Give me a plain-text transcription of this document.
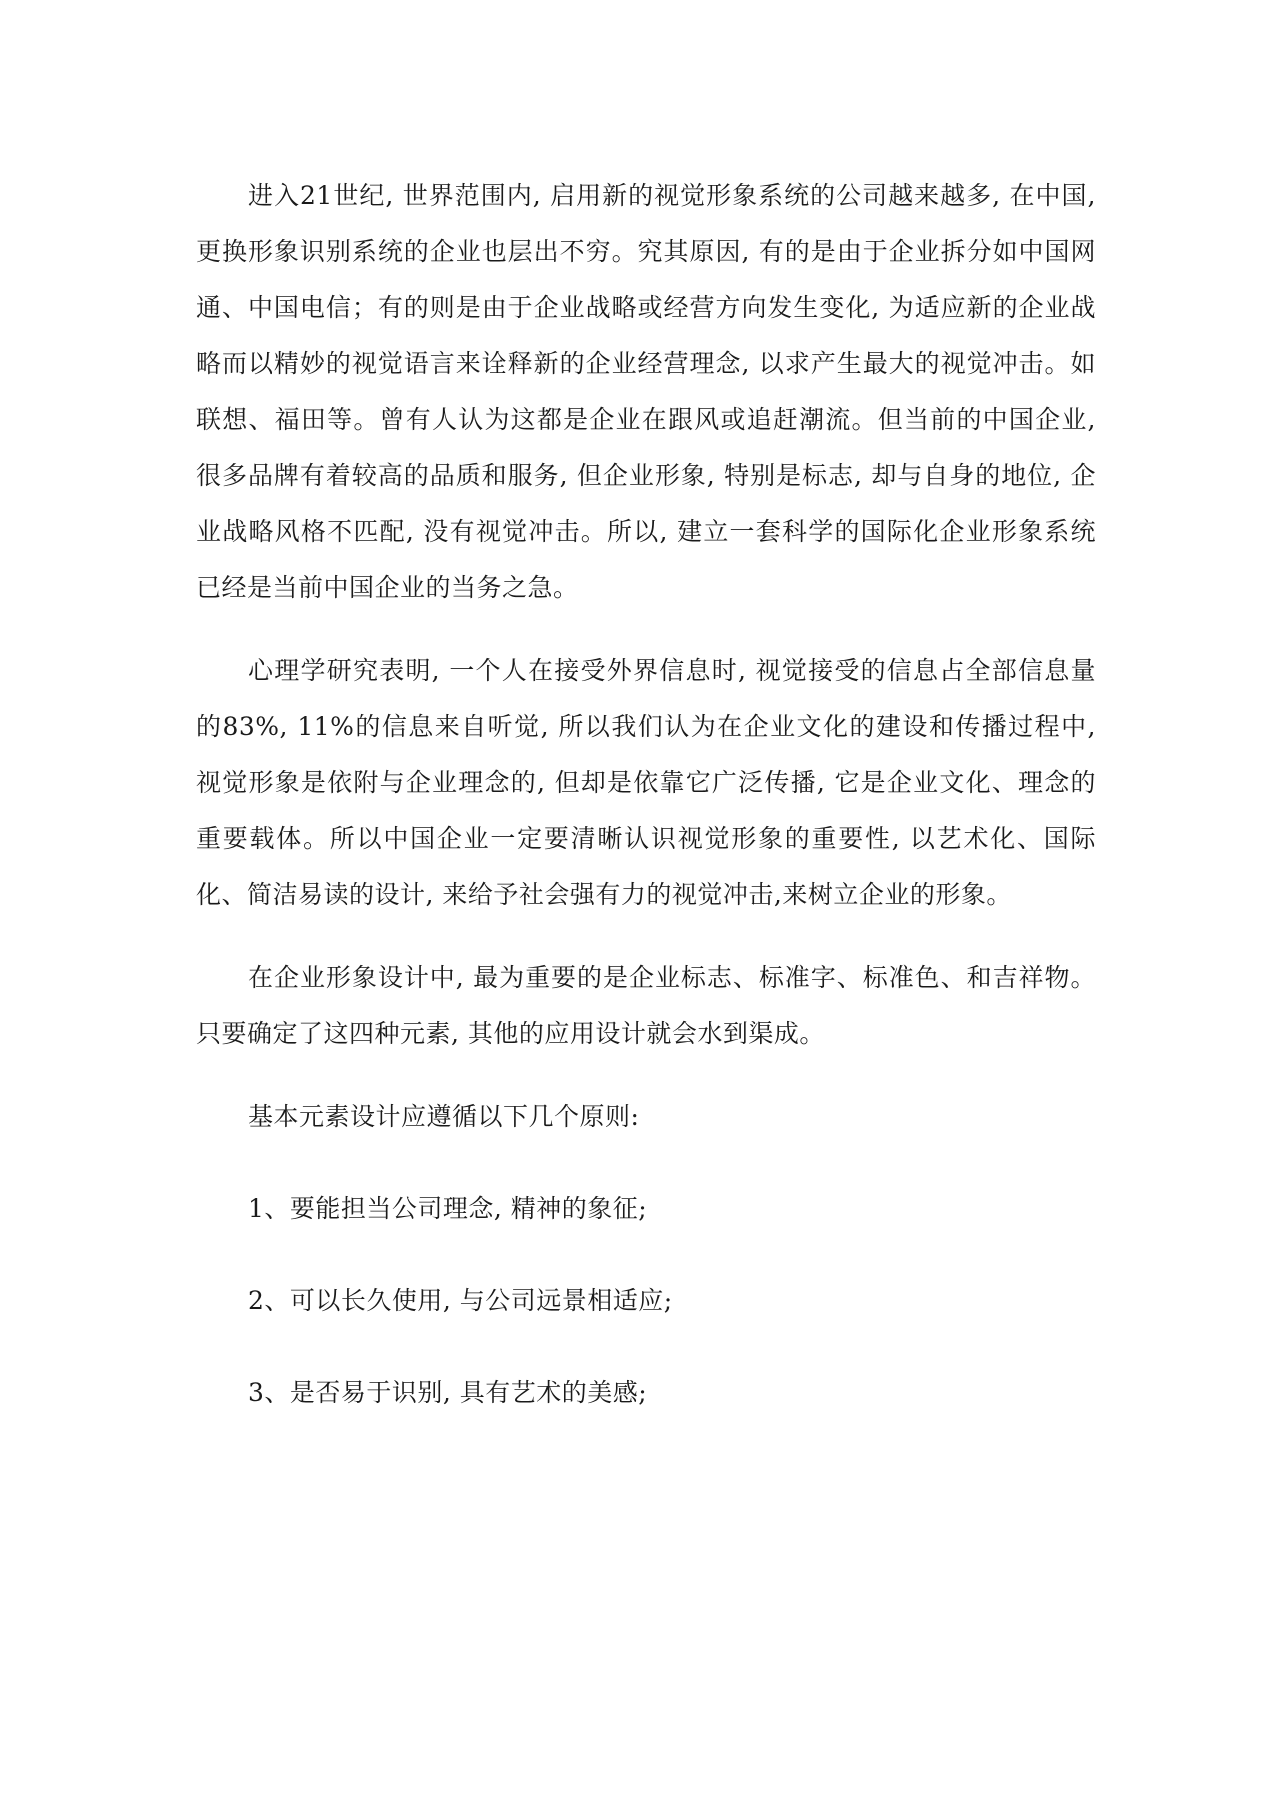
进入21世纪, 世界范围内, 启用新的视觉形象系统的公司越来越多, 在中国, 更换形象识别系统的企业也层出不穷。究其原因, 有的是由于企业拆分如中国网通、中国电信；有的则是由于企业战略或经营方向发生变化, 为适应新的企业战略而以精妙的视觉语言来诠释新的企业经营理念, 以求产生最大的视觉冲击。如联想、福田等。曾有人认为这都是企业在跟风或追赶潮流。但当前的中国企业, 很多品牌有着较高的品质和服务, 但企业形象, 特别是标志, 却与自身的地位, 企业战略风格不匹配, 没有视觉冲击。所以, 建立一套科学的国际化企业形象系统已经是当前中国企业的当务之急。

心理学研究表明, 一个人在接受外界信息时, 视觉接受的信息占全部信息量的83%, 11%的信息来自听觉, 所以我们认为在企业文化的建设和传播过程中, 视觉形象是依附与企业理念的, 但却是依靠它广泛传播, 它是企业文化、理念的重要载体。所以中国企业一定要清晰认识视觉形象的重要性, 以艺术化、国际化、简洁易读的设计, 来给予社会强有力的视觉冲击,来树立企业的形象。

在企业形象设计中, 最为重要的是企业标志、标准字、标准色、和吉祥物。只要确定了这四种元素, 其他的应用设计就会水到渠成。

基本元素设计应遵循以下几个原则:

1、要能担当公司理念, 精神的象征;

2、可以长久使用, 与公司远景相适应;

3、是否易于识别, 具有艺术的美感;
